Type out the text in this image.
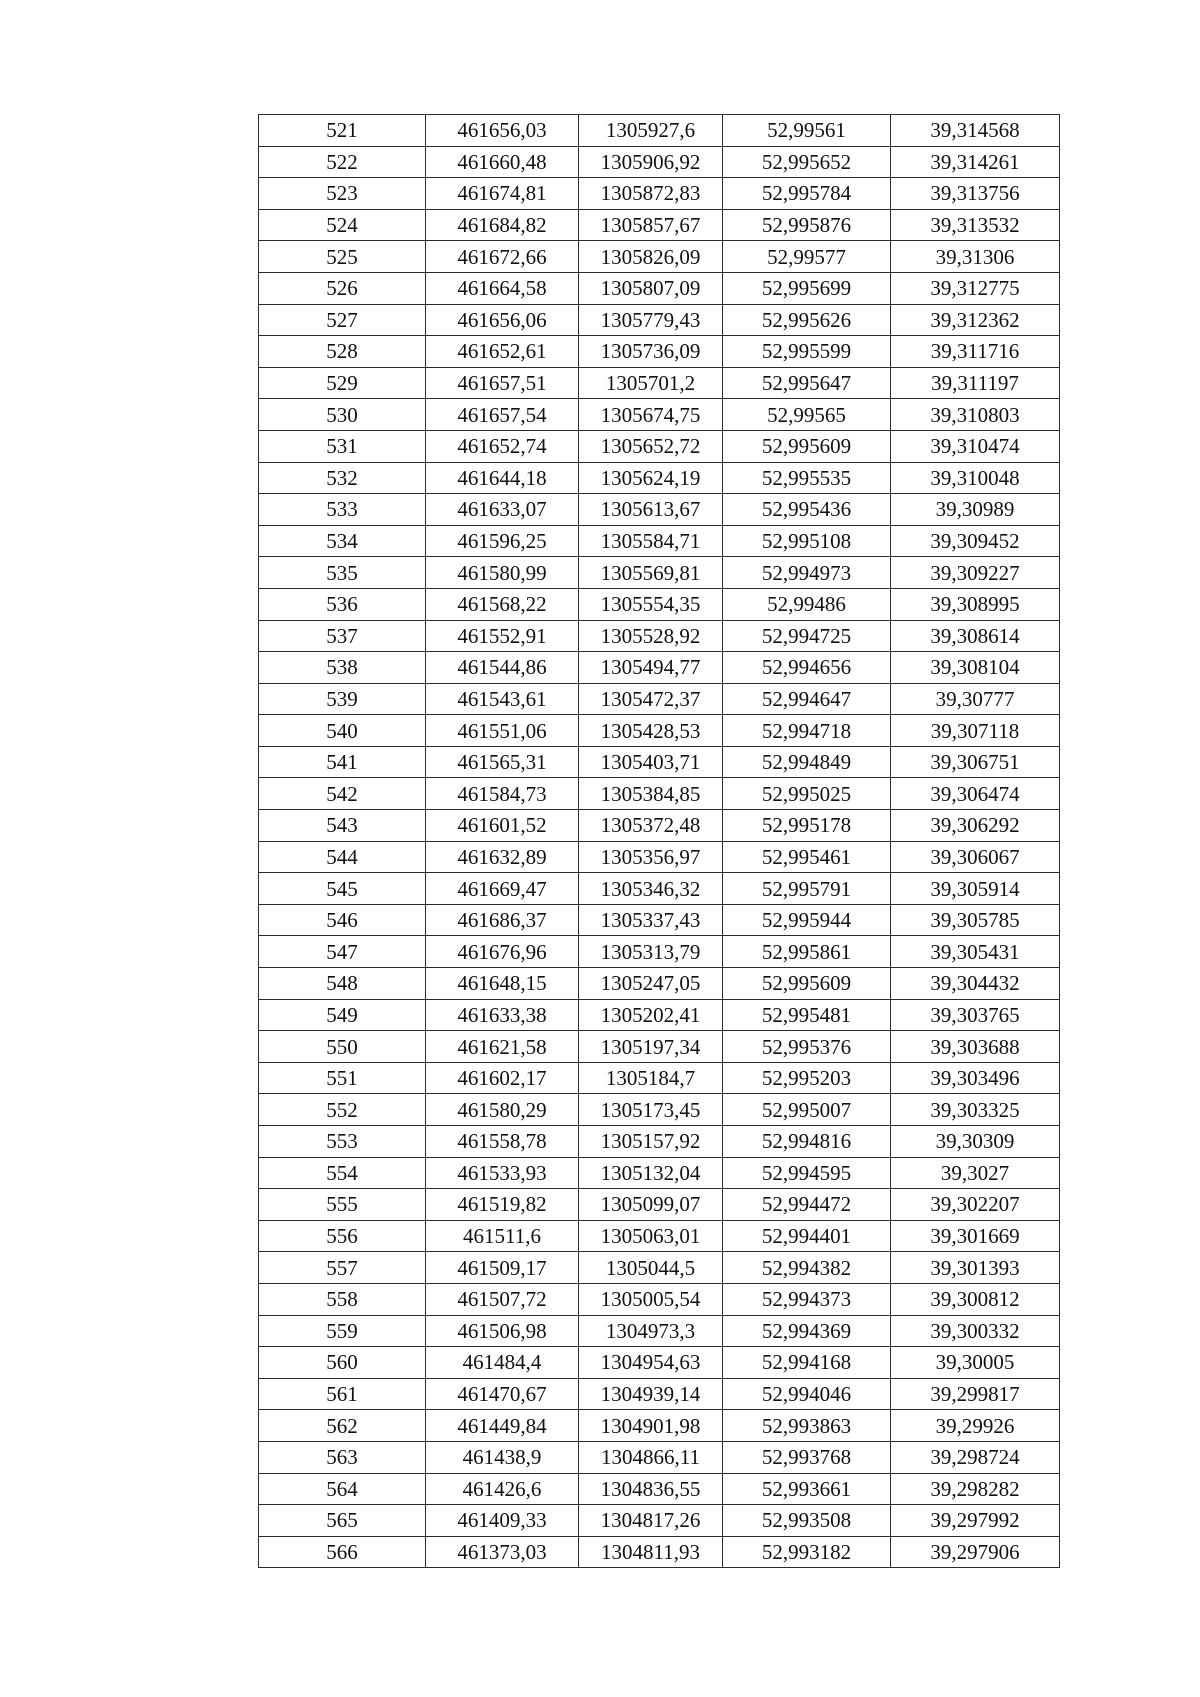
521	461656,03	1305927,6	52,99561	39,314568
522	461660,48	1305906,92	52,995652	39,314261
523	461674,81	1305872,83	52,995784	39,313756
524	461684,82	1305857,67	52,995876	39,313532
525	461672,66	1305826,09	52,99577	39,31306
526	461664,58	1305807,09	52,995699	39,312775
527	461656,06	1305779,43	52,995626	39,312362
528	461652,61	1305736,09	52,995599	39,311716
529	461657,51	1305701,2	52,995647	39,311197
530	461657,54	1305674,75	52,99565	39,310803
531	461652,74	1305652,72	52,995609	39,310474
532	461644,18	1305624,19	52,995535	39,310048
533	461633,07	1305613,67	52,995436	39,30989
534	461596,25	1305584,71	52,995108	39,309452
535	461580,99	1305569,81	52,994973	39,309227
536	461568,22	1305554,35	52,99486	39,308995
537	461552,91	1305528,92	52,994725	39,308614
538	461544,86	1305494,77	52,994656	39,308104
539	461543,61	1305472,37	52,994647	39,30777
540	461551,06	1305428,53	52,994718	39,307118
541	461565,31	1305403,71	52,994849	39,306751
542	461584,73	1305384,85	52,995025	39,306474
543	461601,52	1305372,48	52,995178	39,306292
544	461632,89	1305356,97	52,995461	39,306067
545	461669,47	1305346,32	52,995791	39,305914
546	461686,37	1305337,43	52,995944	39,305785
547	461676,96	1305313,79	52,995861	39,305431
548	461648,15	1305247,05	52,995609	39,304432
549	461633,38	1305202,41	52,995481	39,303765
550	461621,58	1305197,34	52,995376	39,303688
551	461602,17	1305184,7	52,995203	39,303496
552	461580,29	1305173,45	52,995007	39,303325
553	461558,78	1305157,92	52,994816	39,30309
554	461533,93	1305132,04	52,994595	39,3027
555	461519,82	1305099,07	52,994472	39,302207
556	461511,6	1305063,01	52,994401	39,301669
557	461509,17	1305044,5	52,994382	39,301393
558	461507,72	1305005,54	52,994373	39,300812
559	461506,98	1304973,3	52,994369	39,300332
560	461484,4	1304954,63	52,994168	39,30005
561	461470,67	1304939,14	52,994046	39,299817
562	461449,84	1304901,98	52,993863	39,29926
563	461438,9	1304866,11	52,993768	39,298724
564	461426,6	1304836,55	52,993661	39,298282
565	461409,33	1304817,26	52,993508	39,297992
566	461373,03	1304811,93	52,993182	39,297906
